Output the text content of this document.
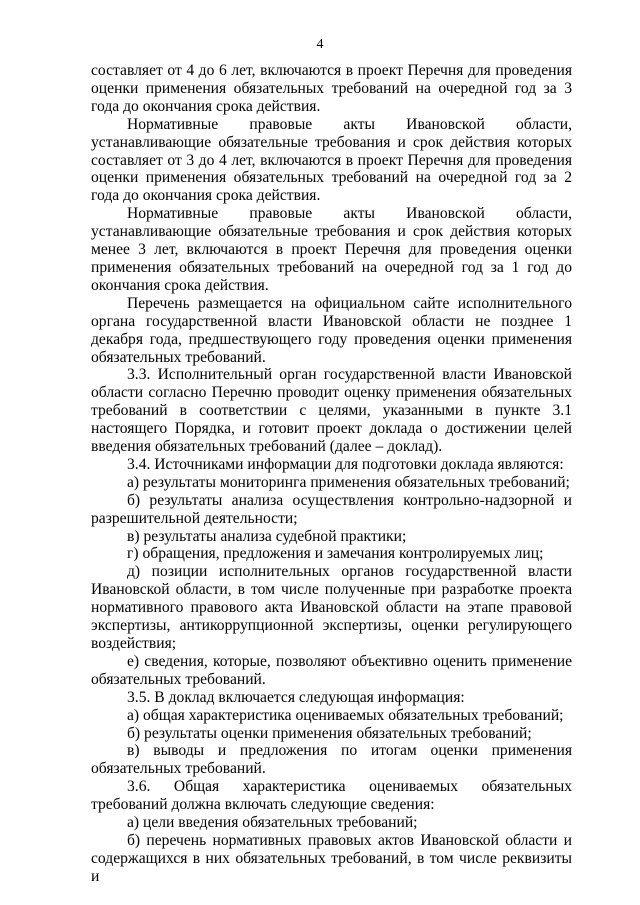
4

составляет от 4 до 6 лет, включаются в проект Перечня для проведения оценки применения обязательных требований на очередной год за 3 года до окончания срока действия.

Нормативные правовые акты Ивановской области, устанавливающие обязательные требования и срок действия которых составляет от 3 до 4 лет, включаются в проект Перечня для проведения оценки применения обязательных требований на очередной год за 2 года до окончания срока действия.

Нормативные правовые акты Ивановской области, устанавливающие обязательные требования и срок действия которых менее 3 лет, включаются в проект Перечня для проведения оценки применения обязательных требований на очередной год за 1 год до окончания срока действия.

Перечень размещается на официальном сайте исполнительного органа государственной власти Ивановской области не позднее 1 декабря года, предшествующего году проведения оценки применения обязательных требований.

3.3. Исполнительный орган государственной власти Ивановской области согласно Перечню проводит оценку применения обязательных требований в соответствии с целями, указанными в пункте 3.1 настоящего Порядка, и готовит проект доклада о достижении целей введения обязательных требований (далее – доклад).

3.4. Источниками информации для подготовки доклада являются:

а) результаты мониторинга применения обязательных требований;

б) результаты анализа осуществления контрольно-надзорной и разрешительной деятельности;

в) результаты анализа судебной практики;

г) обращения, предложения и замечания контролируемых лиц;

д) позиции исполнительных органов государственной власти Ивановской области, в том числе полученные при разработке проекта нормативного правового акта Ивановской области на этапе правовой экспертизы, антикоррупционной экспертизы, оценки регулирующего воздействия;

е) сведения, которые, позволяют объективно оценить применение обязательных требований.

3.5. В доклад включается следующая информация:

а) общая характеристика оцениваемых обязательных требований;

б) результаты оценки применения обязательных требований;

в) выводы и предложения по итогам оценки применения обязательных требований.

3.6. Общая характеристика оцениваемых обязательных требований должна включать следующие сведения:

а) цели введения обязательных требований;

б) перечень нормативных правовых актов Ивановской области и содержащихся в них обязательных требований, в том числе реквизиты и
